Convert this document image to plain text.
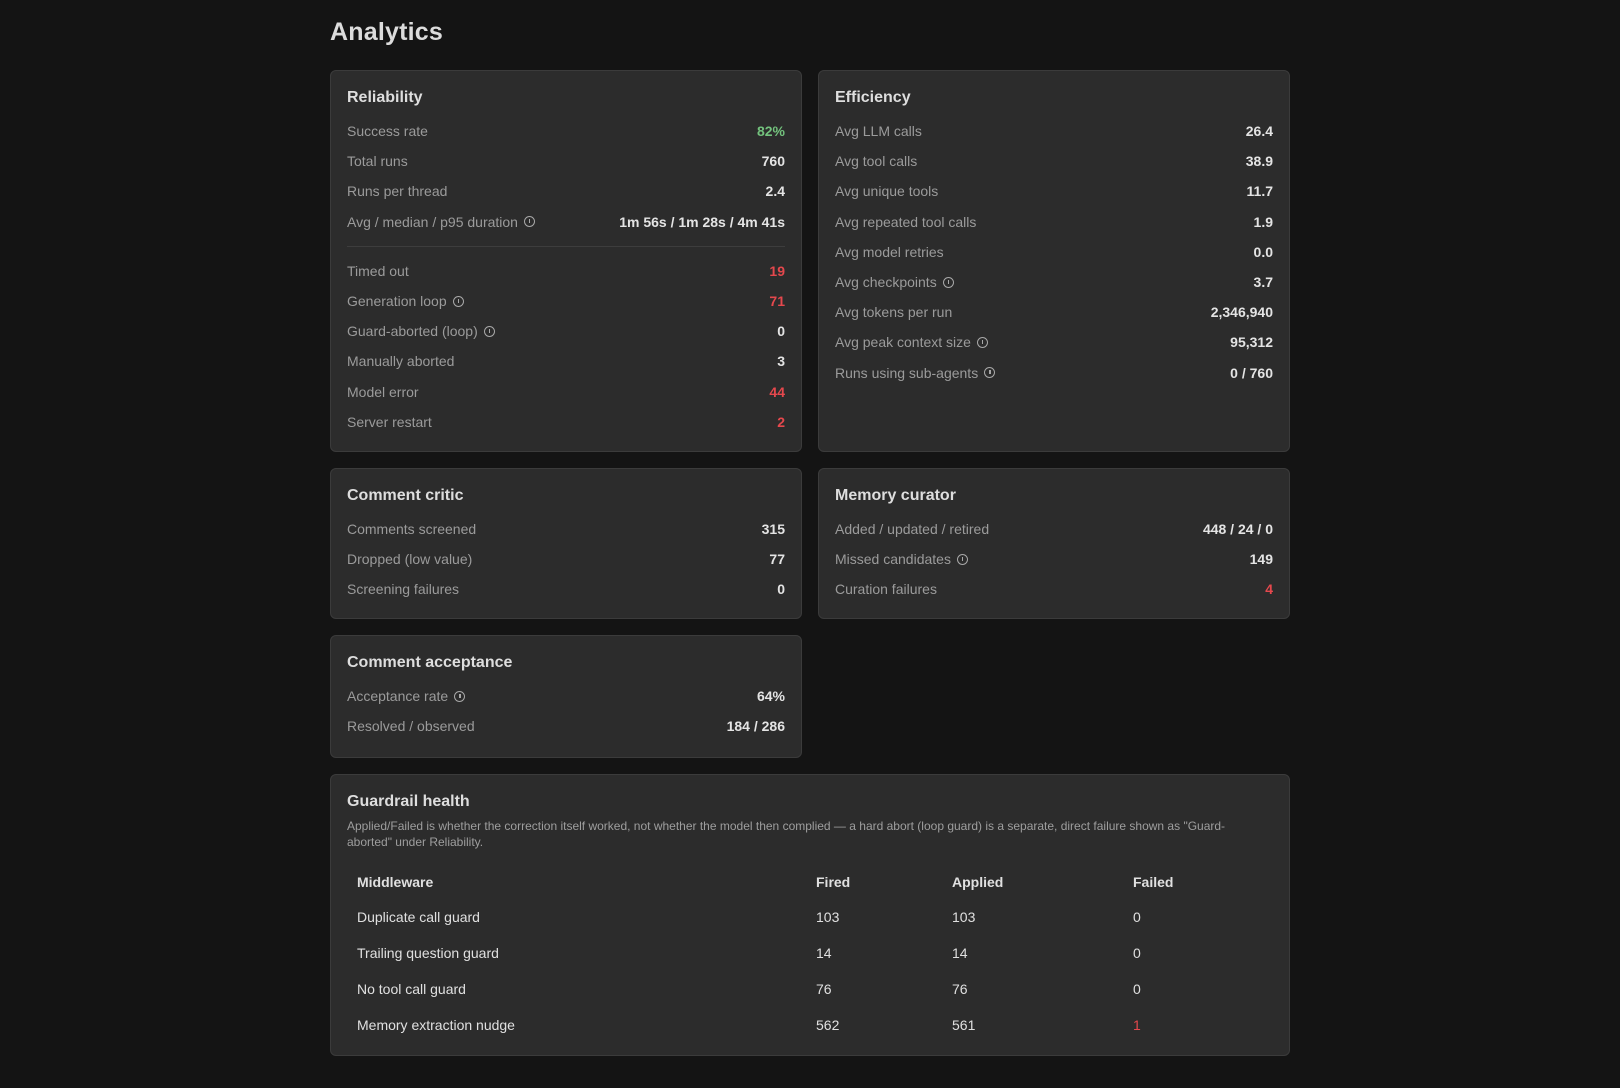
Analytics
Reliability
Success rate	82%
Total runs	760
Runs per thread	2.4
Avg / median / p95 duration	1m 56s / 1m 28s / 4m 41s
Timed out	19
Generation loop	71
Guard-aborted (loop)	0
Manually aborted	3
Model error	44
Server restart	2
Efficiency
Avg LLM calls	26.4
Avg tool calls	38.9
Avg unique tools	11.7
Avg repeated tool calls	1.9
Avg model retries	0.0
Avg checkpoints	3.7
Avg tokens per run	2,346,940
Avg peak context size	95,312
Runs using sub-agents	0 / 760
Comment critic
Comments screened	315
Dropped (low value)	77
Screening failures	0
Memory curator
Added / updated / retired	448 / 24 / 0
Missed candidates	149
Curation failures	4
Comment acceptance
Acceptance rate	64%
Resolved / observed	184 / 286
Guardrail health
Applied/Failed is whether the correction itself worked, not whether the model then complied — a hard abort (loop guard) is a separate, direct failure shown as "Guard-aborted" under Reliability.
Middleware	Fired	Applied	Failed
Duplicate call guard	103	103	0
Trailing question guard	14	14	0
No tool call guard	76	76	0
Memory extraction nudge	562	561	1
